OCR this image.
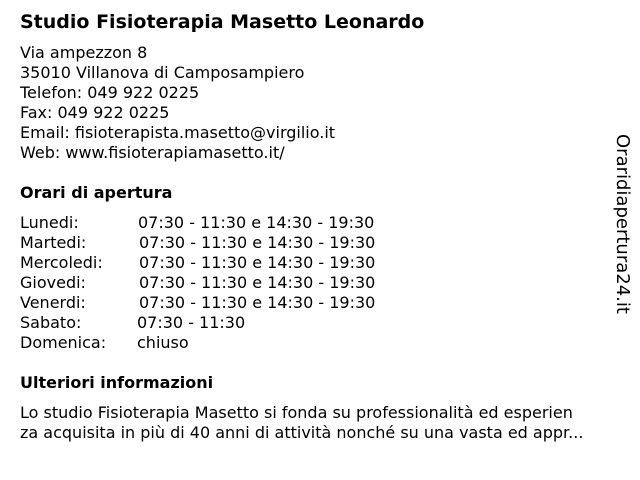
Studio Fisioterapia Masetto Leonardo
Via ampezzon 8
35010 Villanova di Camposampiero
Telefon: 049 922 0225
Fax: 049 922 0225
Email: fisioterapista.masetto@virgilio.it
Web: www.fisioterapiamasetto.it/
Orari di apertura
Lunedi:	07:30 - 11:30 e 14:30 - 19:30
Martedi:	07:30 - 11:30 e 14:30 - 19:30
Mercoledi: 07:30 - 11:30 e 14:30 - 19:30
Giovedi:	07:30 - 11:30 e 14:30 - 19:30
Venerdi:	07:30 - 11:30 e 14:30 - 19:30
Sabato:	07:30 - 11:30
Domenica: chiuso
Ulteriori informazioni
Lo studio Fisioterapia Masetto si fonda su professionalità ed esperien
za acquisita in più di 40 anni di attività nonché su una vasta ed appr...
Oraridiapertura24.it
